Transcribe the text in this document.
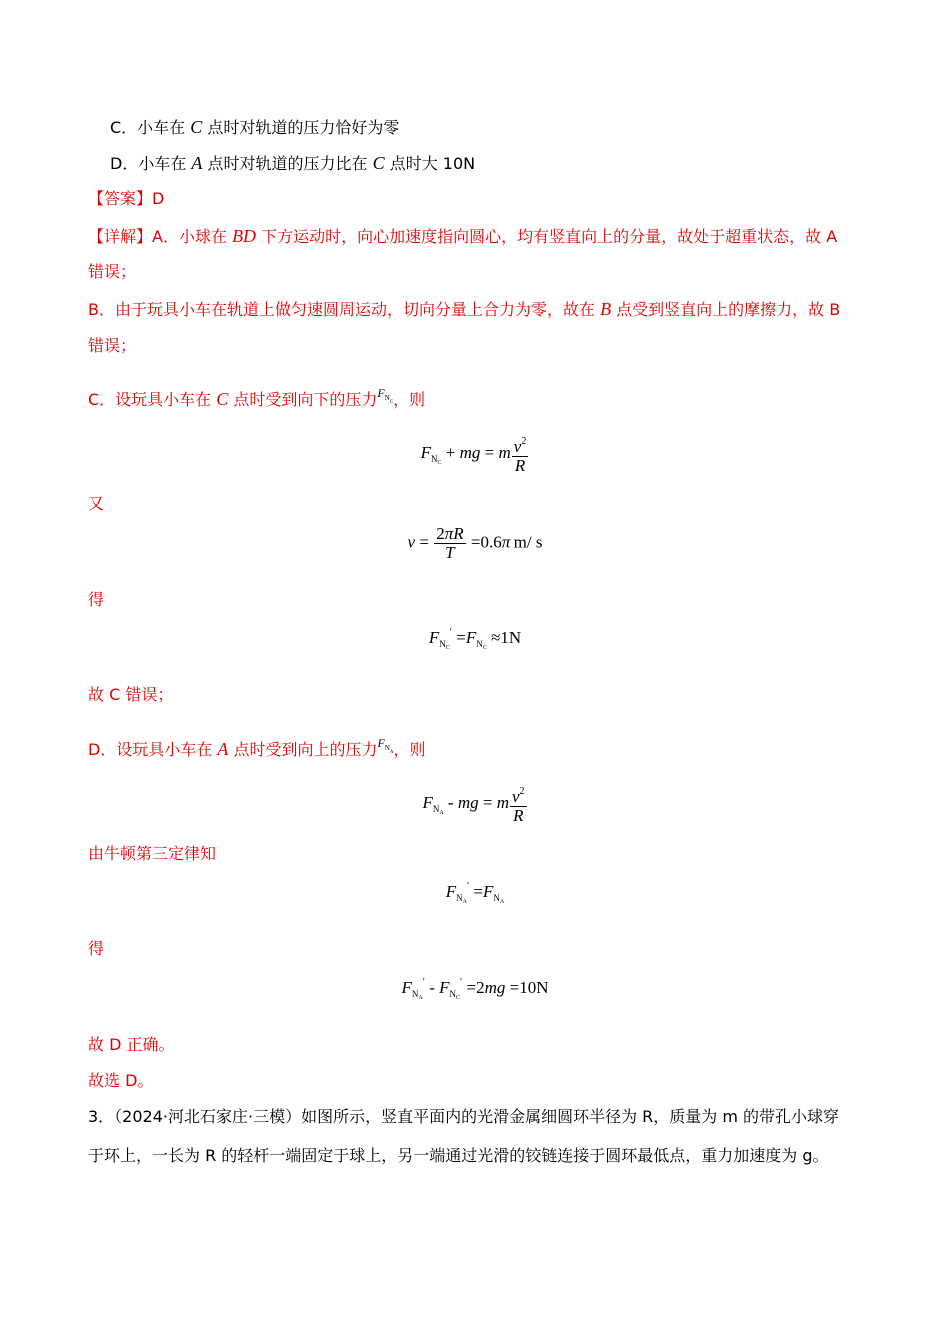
C．小车在 C 点时对轨道的压力恰好为零
D．小车在 A 点时对轨道的压力比在 C 点时大 10N
【答案】D
【详解】A．小球在 BD 下方运动时，向心加速度指向圆心，均有竖直向上的分量，故处于超重状态，故 A
错误；
B．由于玩具小车在轨道上做匀速圆周运动，切向分量上合力为零，故在 B 点受到竖直向上的摩擦力，故 B
错误；
C．设玩具小车在 C 点时受到向下的压力$F_{N_C}$，则
$F_{N_C}$ + mg = m $\frac{v^2}{R}$
又
$v = \frac{2\pi R}{T} =0.6\pi$  m/ s
得
$F_{N_C}' =F_{N_C} \approx 1N$
故 C 错误；
D．设玩具小车在 A 点时受到向上的压力$F_{N_A}$，则
$F_{N_A}$ - mg = m $\frac{v^2}{R}$
由牛顿第三定律知
$F_{N_A}' =F_{N_A}$
得
$F_{N_A}' - F_{N_C}' =2mg =10N$
故 D 正确。
故选 D。
3．（2024·河北石家庄·三模）如图所示，竖直平面内的光滑金属细圆环半径为 R，质量为 m 的带孔小球穿
于环上，一长为 R 的轻杆一端固定于球上，另一端通过光滑的铰链连接于圆环最低点，重力加速度为 g。
